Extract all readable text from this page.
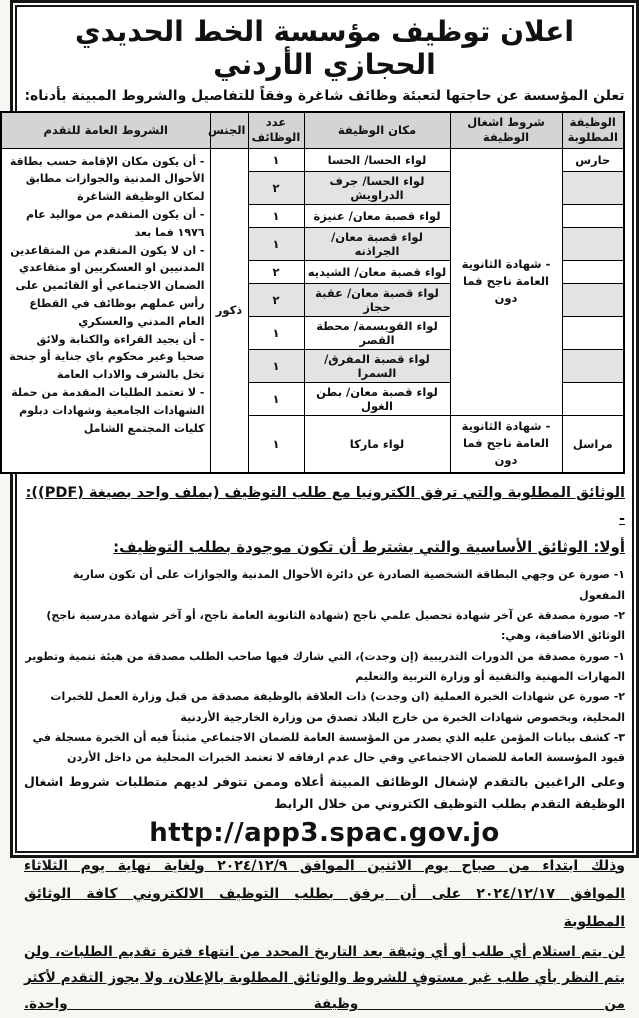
اعلان توظيف مؤسسة الخط الحديدي الحجازي الأردني
تعلن المؤسسة عن حاجتها لتعبئة وظائف شاغرة وفقاً للتفاصيل والشروط المبينة بأدناه:
الوظيفة المطلوبة	شروط اشغال الوظيفة	مكان الوظيفة	عدد الوظائف	الجنس	الشروط العامة للتقدم
حارس	- شهادة الثانوية العامة ناجح فما دون	لواء الحسا/ الحسا	١	ذكور	- أن يكون مكان الإقامة حسب بطاقة الأحوال المدنية والجوازات مطابق لمكان الوظيفة الشاغرة
- أن يكون المتقدم من مواليد عام ١٩٧٦ فما بعد
- ان لا يكون المتقدم من المتقاعدين المدنيين او العسكريين او متقاعدي الضمان الاجتماعي أو القائمين على رأس عملهم بوظائف في القطاع العام المدني والعسكري
- أن يجيد القراءة والكتابة ولائق صحيا وغير محكوم باي جناية أو جنحة تخل بالشرف والاداب العامة
- لا تعتمد الطلبات المقدمة من حملة الشهادات الجامعية وشهادات دبلوم كليات المجتمع الشامل

		لواء الحسا/ جرف الدراويش	٢		
		لواء قصبة معان/ عنيزة	١		
		لواء قصبة معان/ الجراذنه	١		
		لواء قصبة معان/ الشيديه	٢		
		لواء قصبة معان/ عقبة حجاز	٢		
		لواء القويسمة/ محطة القصر	١		
		لواء قصبة المفرق/ السمرا	١		
		لواء قصبة معان/ بطن الغول	١		
مراسل	- شهادة الثانوية العامة ناجح فما دون	لواء ماركا	١		
الوثائق المطلوبة والتي ترفق الكترونيا مع طلب التوظيف (بملف واحد بصيغة (PDF)): -
أولا: الوثائق الأساسية والتي يشترط أن تكون موجودة بطلب التوظيف:
١- صورة عن وجهي البطاقة الشخصية الصادرة عن دائرة الأحوال المدنية والجوازات على أن تكون سارية المفعول
٢- صورة مصدقة عن آخر شهادة تحصيل علمي ناجح (شهادة الثانوية العامة ناجح، أو آخر شهادة مدرسية ناجح)
الوثائق الاضافية، وهي:
١- صورة مصدقة من الدورات التدريبية (إن وجدت)، التي شارك فيها صاحب الطلب مصدقة من هيئة تنمية وتطوير المهارات المهنية والتقنية أو وزارة التربية والتعليم
٢- صورة عن شهادات الخبرة العملية (ان وجدت) ذات العلاقة بالوظيفة مصدقة من قبل وزارة العمل للخبرات المحلية، وبخصوص شهادات الخبرة من خارج البلاد تصدق من وزارة الخارجية الأردنية
٣- كشف بيانات المؤمن عليه الذي يصدر من المؤسسة العامة للضمان الاجتماعي مثبتاً فيه أن الخبرة مسجلة في قيود المؤسسة العامة للضمان الاجتماعي وفي حال عدم ارفاقه لا تعتمد الخبرات المحلية من داخل الأردن
وعلى الراغبين بالتقدم لإشغال الوظائف المبينة أعلاه وممن تتوفر لديهم متطلبات شروط اشغال الوظيفة التقدم بطلب التوظيف الكتروني من خلال الرابط
http://app3.spac.gov.jo
وذلك ابتداء من صباح يوم الاثنين الموافق ٢٠٢٤/١٢/٩ ولغاية نهاية يوم الثلاثاء الموافق ٢٠٢٤/١٢/١٧ على أن يرفق بطلب التوظيف الالكتروني كافة الوثائق المطلوبة
لن يتم استلام أي طلب أو أي وثيقة بعد التاريخ المحدد من انتهاء فترة تقديم الطلبات، ولن يتم النظر بأي طلب غير مستوفٍ للشروط والوثائق المطلوبة بالإعلان، ولا يجوز التقدم لأكثر من وظيفة واحدة.
